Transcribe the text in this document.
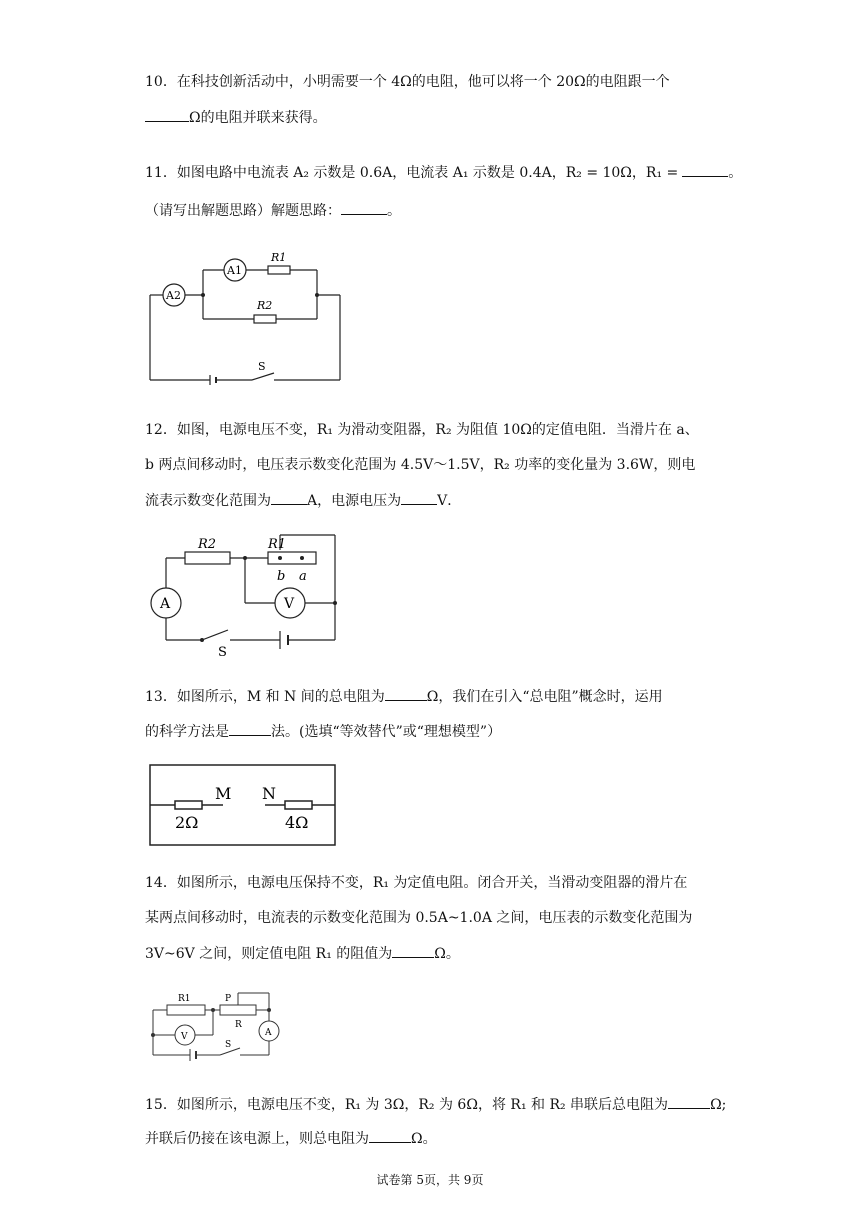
10．在科技创新活动中，小明需要一个 4Ω的电阻，他可以将一个 20Ω的电阻跟一个
Ω的电阻并联来获得。
11．如图电路中电流表 A₂ 示数是 0.6A，电流表 A₁ 示数是 0.4A，R₂ = 10Ω，R₁ =	。
（请写出解题思路）解题思路：	。
A1
R1
A2
R2
S
12．如图，电源电压不变，R₁ 为滑动变阻器，R₂ 为阻值 10Ω的定值电阻．当滑片在 a、
b 两点间移动时，电压表示数变化范围为 4.5V～1.5V，R₂ 功率的变化量为 3.6W，则电
流表示数变化范围为	A，电源电压为	V．
R2	R1
b a
A	V
S
13．如图所示，M 和 N 间的总电阻为	Ω，我们在引入“总电阻”概念时，运用
的科学方法是	法。(选填“等效替代”或“理想模型”）
M N
2Ω	4Ω
14．如图所示，电源电压保持不变，R₁ 为定值电阻。闭合开关，当滑动变阻器的滑片在
某两点间移动时，电流表的示数变化范围为 0.5A~1.0A 之间，电压表的示数变化范围为
3V~6V 之间，则定值电阻 R₁ 的阻值为	Ω。
R1	P
R
V	A
S
15．如图所示，电源电压不变，R₁ 为 3Ω，R₂ 为 6Ω，将 R₁ 和 R₂ 串联后总电阻为	Ω;
并联后仍接在该电源上，则总电阻为	Ω。
试卷第 5页，共 9页
